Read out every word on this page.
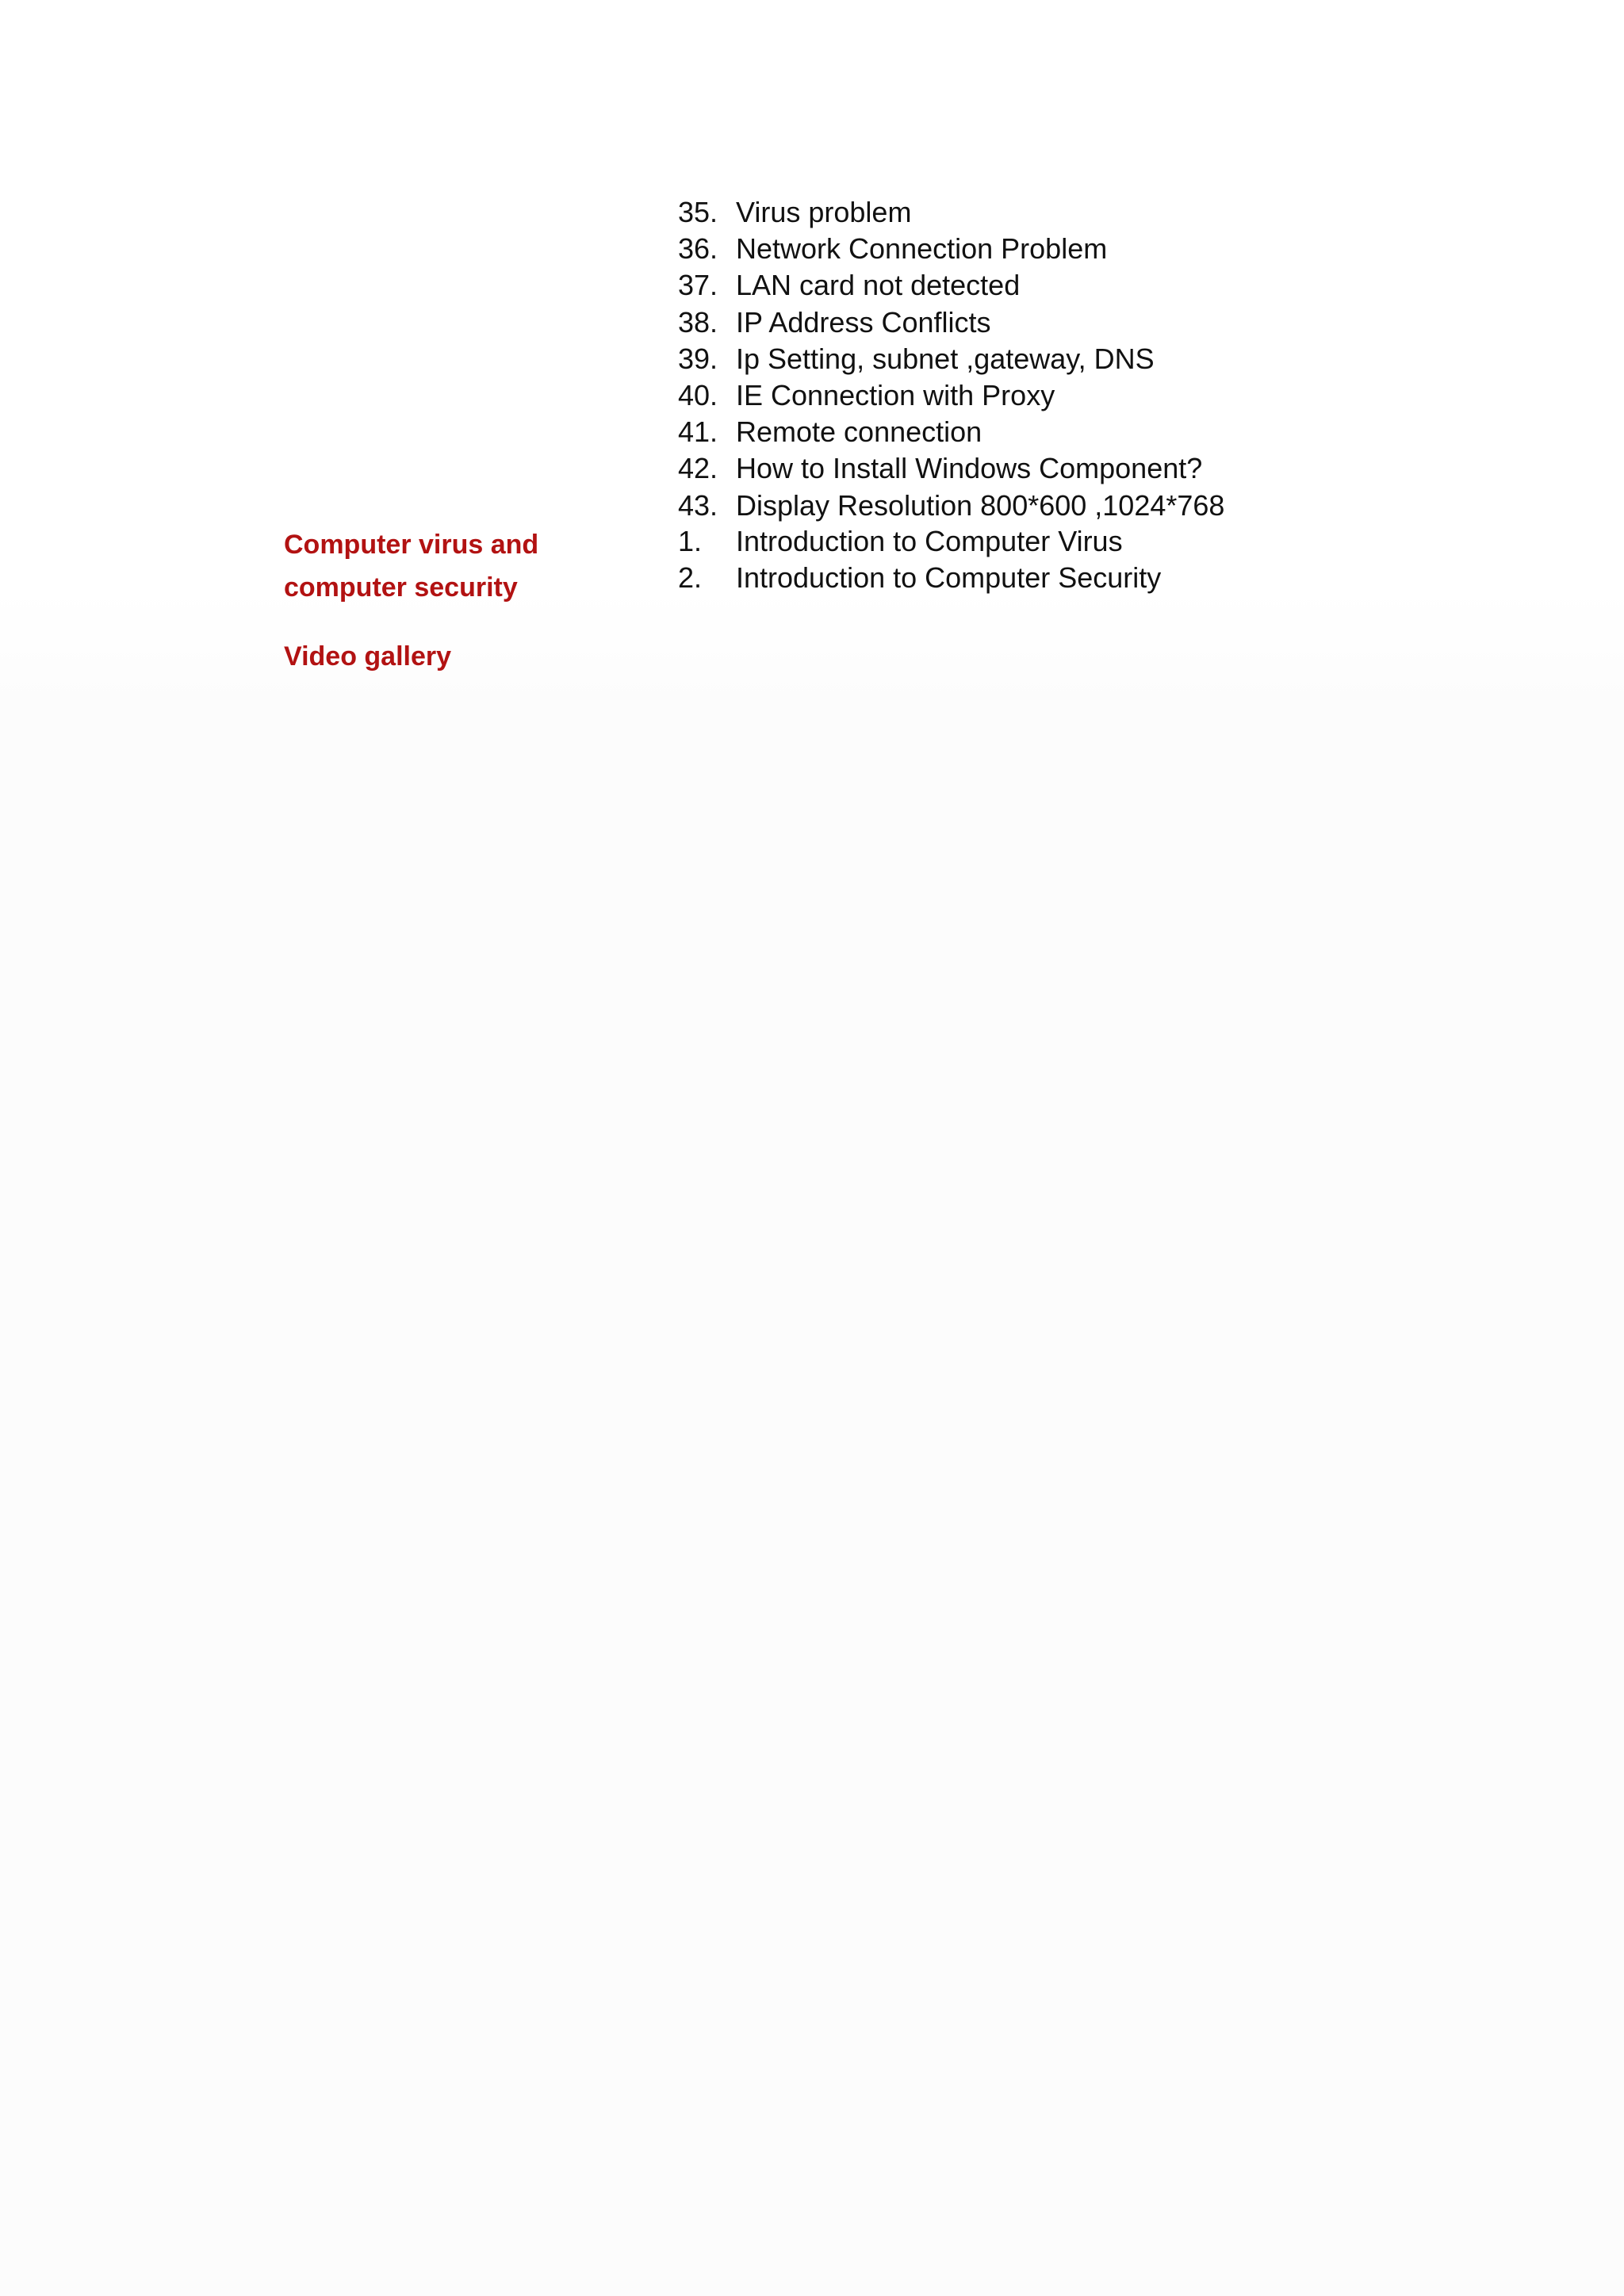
35. Virus problem
36. Network Connection Problem
37. LAN card not detected
38. IP Address Conflicts
39. Ip Setting, subnet ,gateway, DNS
40. IE Connection with Proxy
41. Remote connection
42. How to Install Windows Component?
43. Display Resolution 800*600 ,1024*768
Computer virus and
computer security
1.	Introduction to Computer Virus
2.	Introduction to Computer Security
Video gallery
